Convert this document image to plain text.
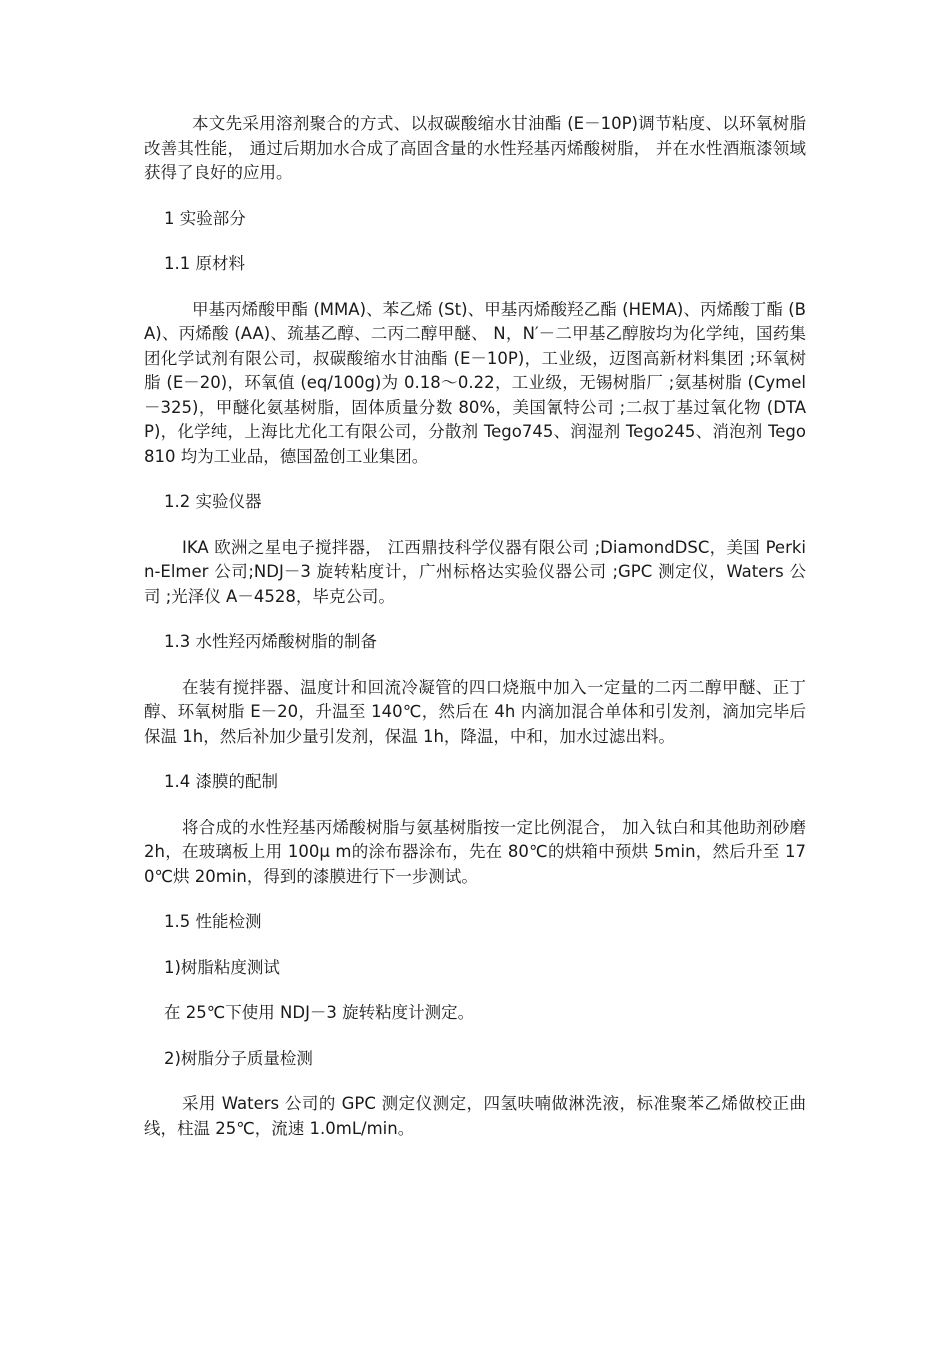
本文先采用溶剂聚合的方式、以叔碳酸缩水甘油酯 (E－10P)调节粘度、以环氧树脂改善其性能， 通过后期加水合成了高固含量的水性羟基丙烯酸树脂， 并在水性酒瓶漆领域获得了良好的应用。

1 实验部分

1.1 原材料

甲基丙烯酸甲酯 (MMA)、苯乙烯 (St)、甲基丙烯酸羟乙酯 (HEMA)、丙烯酸丁酯 (BA)、丙烯酸 (AA)、巯基乙醇、二丙二醇甲醚、 N，N′－二甲基乙醇胺均为化学纯，国药集团化学试剂有限公司，叔碳酸缩水甘油酯 (E－10P)，工业级，迈图高新材料集团 ;环氧树脂 (E－20)，环氧值 (eq/100g)为 0.18～0.22，工业级，无锡树脂厂 ;氨基树脂 (Cymel－325)，甲醚化氨基树脂，固体质量分数 80%，美国氰特公司 ;二叔丁基过氧化物 (DTAP)，化学纯，上海比尤化工有限公司，分散剂 Tego745、润湿剂 Tego245、消泡剂 Tego810 均为工业品，德国盈创工业集团。

1.2 实验仪器

IKA 欧洲之星电子搅拌器， 江西鼎技科学仪器有限公司 ;DiamondDSC，美国 Perkin-Elmer 公司;NDJ－3 旋转粘度计，广州标格达实验仪器公司 ;GPC 测定仪，Waters 公司 ;光泽仪 A－4528，毕克公司。

1.3 水性羟丙烯酸树脂的制备

在装有搅拌器、温度计和回流冷凝管的四口烧瓶中加入一定量的二丙二醇甲醚、正丁醇、环氧树脂 E－20，升温至 140℃，然后在 4h 内滴加混合单体和引发剂，滴加完毕后保温 1h，然后补加少量引发剂，保温 1h，降温，中和，加水过滤出料。

1.4 漆膜的配制

将合成的水性羟基丙烯酸树脂与氨基树脂按一定比例混合， 加入钛白和其他助剂砂磨 2h，在玻璃板上用 100μ m的涂布器涂布，先在 80℃的烘箱中预烘 5min，然后升至 170℃烘 20min，得到的漆膜进行下一步测试。

1.5 性能检测

1)树脂粘度测试

在 25℃下使用 NDJ－3 旋转粘度计测定。

2)树脂分子质量检测

采用 Waters 公司的 GPC 测定仪测定，四氢呋喃做淋洗液，标准聚苯乙烯做校正曲线，柱温 25℃，流速 1.0mL/min。
